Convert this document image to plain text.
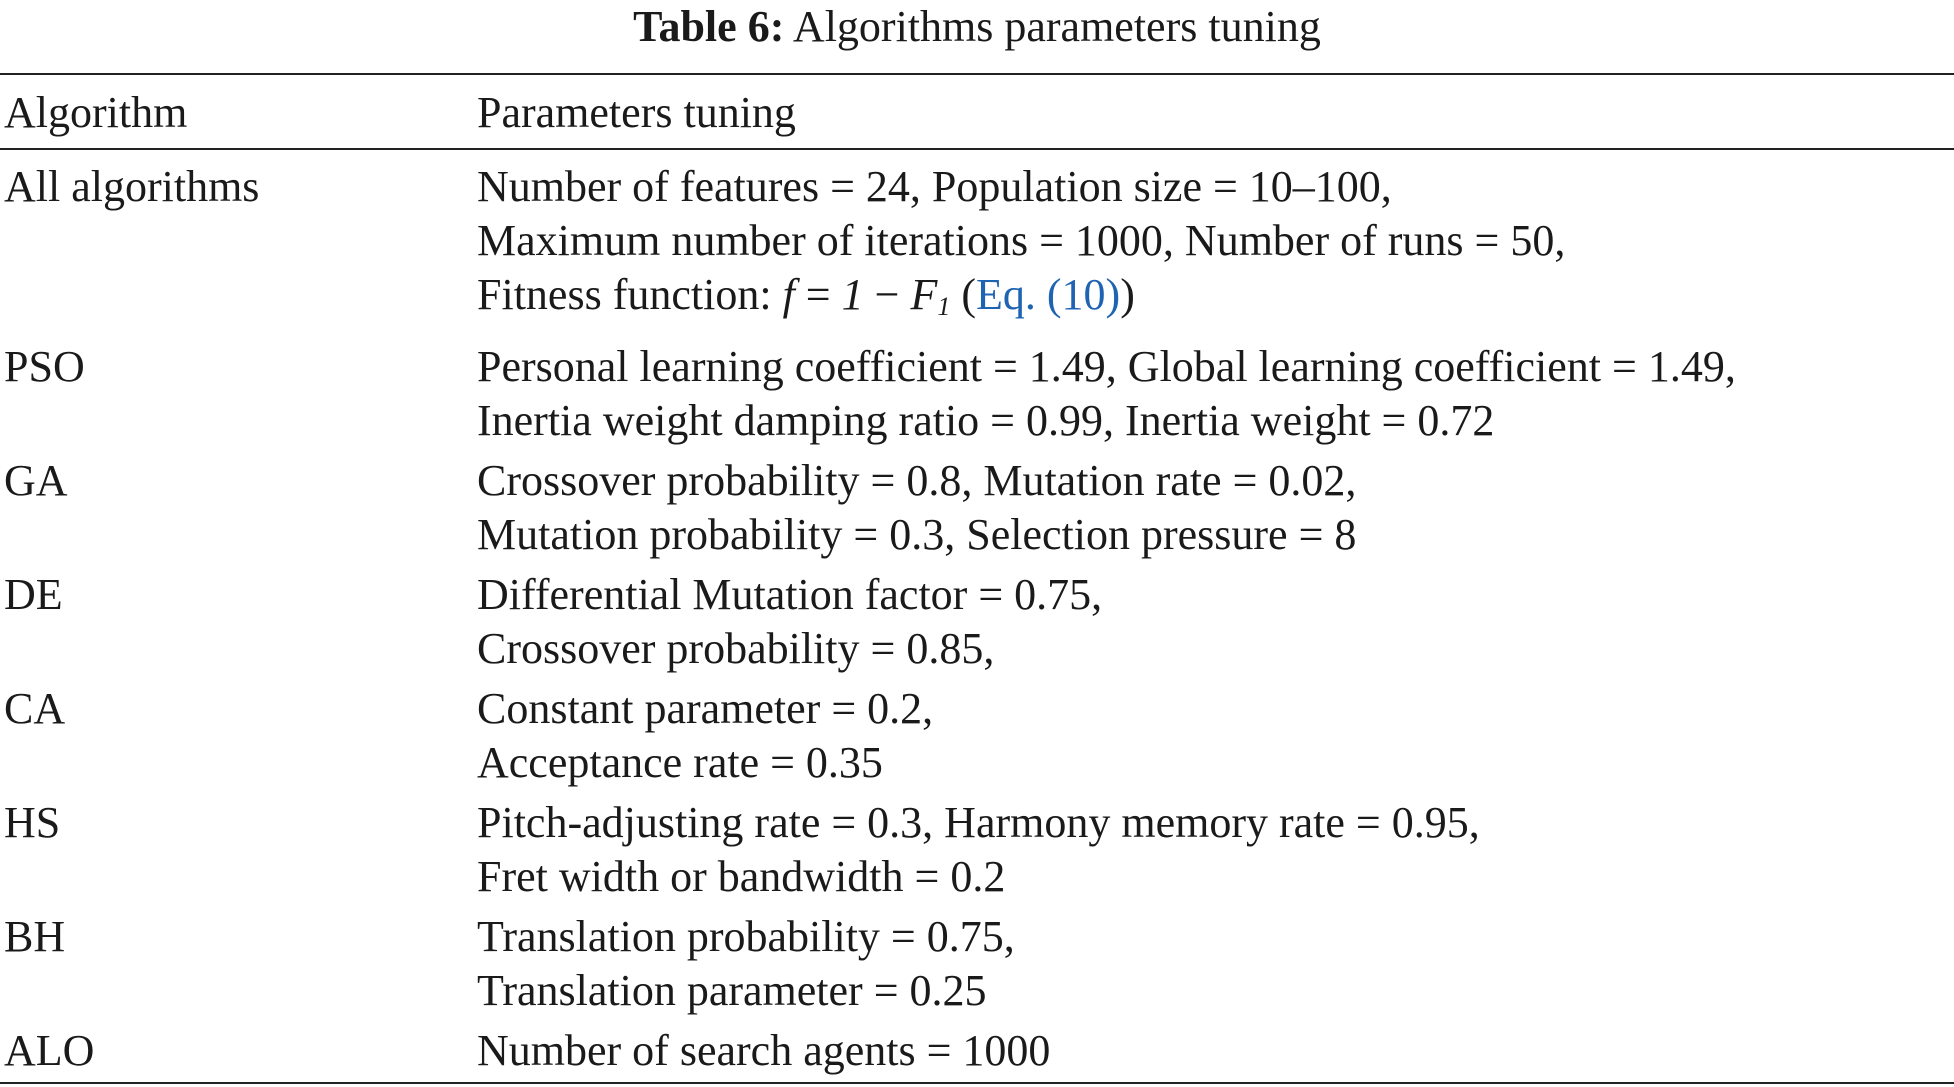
Table 6: Algorithms parameters tuning
Algorithm	Parameters tuning
All algorithms	Number of features = 24, Population size = 10–100,
Maximum number of iterations = 1000, Number of runs = 50,
Fitness function: $f = 1 - F_1$ (Eq. (10))
PSO	Personal learning coefficient = 1.49, Global learning coefficient = 1.49,
Inertia weight damping ratio = 0.99, Inertia weight = 0.72
GA	Crossover probability = 0.8, Mutation rate = 0.02,
Mutation probability = 0.3, Selection pressure = 8
DE	Differential Mutation factor = 0.75,
Crossover probability = 0.85,
CA	Constant parameter = 0.2,
Acceptance rate = 0.35
HS	Pitch-adjusting rate = 0.3, Harmony memory rate = 0.95,
Fret width or bandwidth = 0.2
BH	Translation probability = 0.75,
Translation parameter = 0.25
ALO	Number of search agents = 1000
